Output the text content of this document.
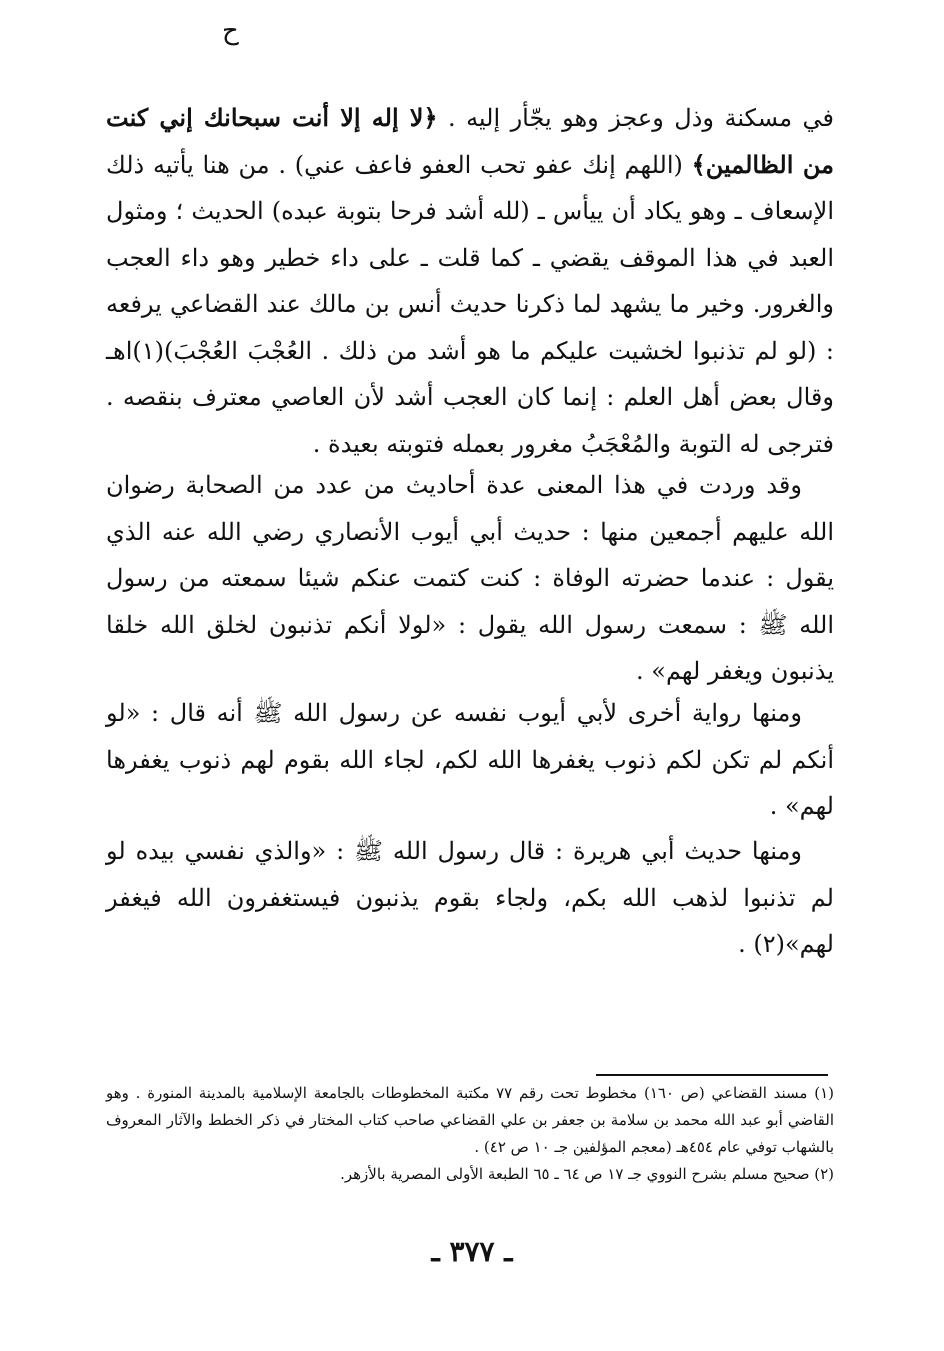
ح

في مسكنة وذل وعجز وهو يجّأر إليه . ﴿لا إله إلا أنت سبحانك إني كنت من الظالمين﴾ (اللهم إنك عفو تحب العفو فاعف عني) . من هنا يأتيه ذلك الإسعاف ـ وهو يكاد أن ييأس ـ (لله أشد فرحا بتوبة عبده) الحديث ؛ ومثول العبد في هذا الموقف يقضي ـ كما قلت ـ على داء خطير وهو داء العجب والغرور. وخير ما يشهد لما ذكرنا حديث أنس بن مالك عند القضاعي يرفعه : (لو لم تذنبوا لخشيت عليكم ما هو أشد من ذلك . العُجْبَ العُجْبَ)(١)اهـ وقال بعض أهل العلم : إنما كان العجب أشد لأن العاصي معترف بنقصه . فترجى له التوبة والمُعْجَبُ مغرور بعمله فتوبته بعيدة .

وقد وردت في هذا المعنى عدة أحاديث من عدد من الصحابة رضوان الله عليهم أجمعين منها : حديث أبي أيوب الأنصاري رضي الله عنه الذي يقول : عندما حضرته الوفاة : كنت كتمت عنكم شيئا سمعته من رسول الله ﷺ : سمعت رسول الله يقول : «لولا أنكم تذنبون لخلق الله خلقا يذنبون ويغفر لهم» .

ومنها رواية أخرى لأبي أيوب نفسه عن رسول الله ﷺ أنه قال : «لو أنكم لم تكن لكم ذنوب يغفرها الله لكم، لجاء الله بقوم لهم ذنوب يغفرها لهم» .

ومنها حديث أبي هريرة : قال رسول الله ﷺ : «والذي نفسي بيده لو لم تذنبوا لذهب الله بكم، ولجاء بقوم يذنبون فيستغفرون الله فيغفر لهم»(٢) .

(١) مسند القضاعي (ص ١٦٠) مخطوط تحت رقم ٧٧ مكتبة المخطوطات بالجامعة الإسلامية بالمدينة المنورة . وهو القاضي أبو عبد الله محمد بن سلامة بن جعفر بن علي القضاعي صاحب كتاب المختار في ذكر الخطط والآثار المعروف بالشهاب توفي عام ٤٥٤هـ (معجم المؤلفين جـ ١٠ ص ٤٢) .

(٢) صحيح مسلم بشرح النووي جـ ١٧ ص ٦٤ ـ ٦٥ الطبعة الأولى المصرية بالأزهر.

ـ ٣٧٧ ـ
